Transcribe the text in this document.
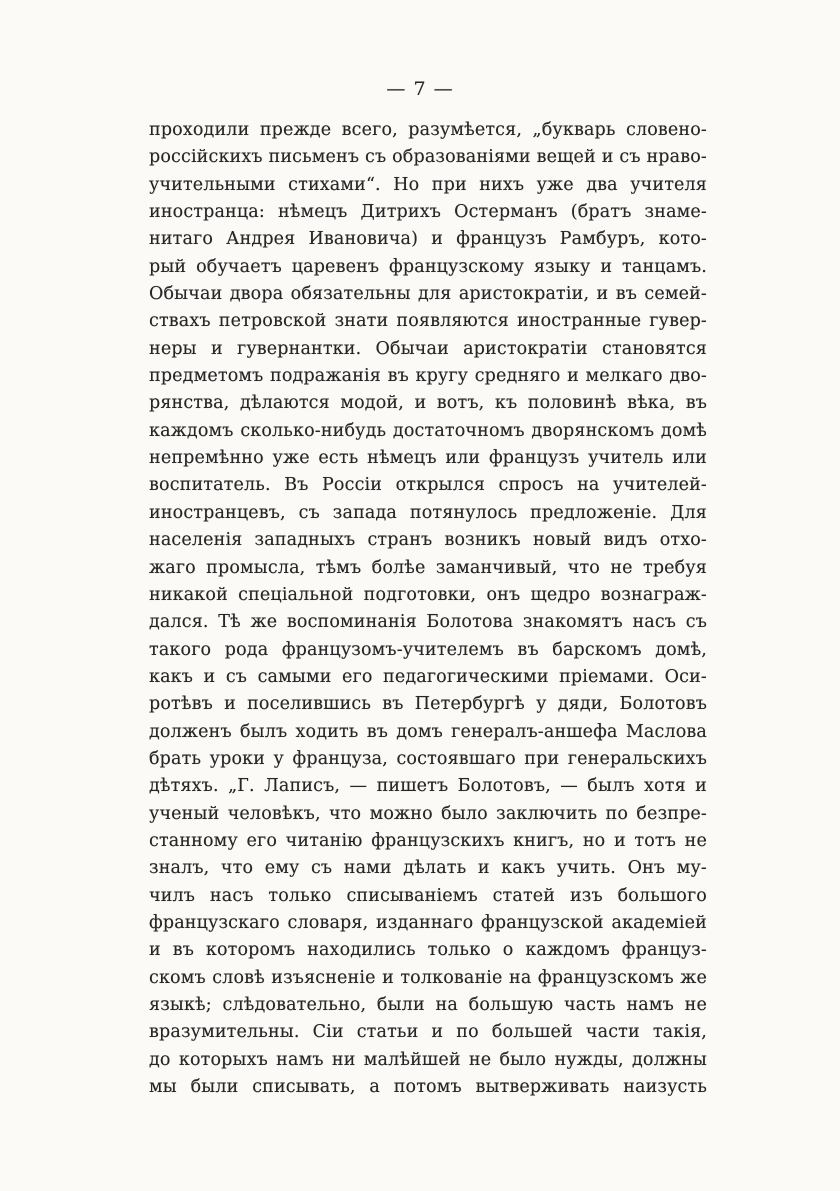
— 7 —
проходили прежде всего, разумѣется, „букварь словено-
россійскихъ письменъ съ образованіями вещей и съ нраво-
учительными стихами“. Но при нихъ уже два учителя
иностранца: нѣмецъ Дитрихъ Остерманъ (братъ знаме-
нитаго Андрея Ивановича) и французъ Рамбуръ, кото-
рый обучаетъ царевенъ французскому языку и танцамъ.
Обычаи двора обязательны для аристократіи, и въ семей-
ствахъ петровской знати появляются иностранные гувер-
неры и гувернантки. Обычаи аристократіи становятся
предметомъ подражанія въ кругу средняго и мелкаго дво-
рянства, дѣлаются модой, и вотъ, къ половинѣ вѣка, въ
каждомъ сколько-нибудь достаточномъ дворянскомъ домѣ
непремѣнно уже есть нѣмецъ или французъ учитель или
воспитатель. Въ Россіи открылся спросъ на учителей-
иностранцевъ, съ запада потянулось предложеніе. Для
населенія западныхъ странъ возникъ новый видъ отхо-
жаго промысла, тѣмъ болѣе заманчивый, что не требуя
никакой спеціальной подготовки, онъ щедро вознаграж-
дался. Тѣ же воспоминанія Болотова знакомятъ насъ съ
такого рода французомъ-учителемъ въ барскомъ домѣ,
какъ и съ самыми его педагогическими пріемами. Оси-
ротѣвъ и поселившись въ Петербургѣ у дяди, Болотовъ
долженъ былъ ходить въ домъ генералъ-аншефа Маслова
брать уроки у француза, состоявшаго при генеральскихъ
дѣтяхъ. „Г. Лаписъ, — пишетъ Болотовъ, — былъ хотя и
ученый человѣкъ, что можно было заключить по безпре-
станному его читанію французскихъ книгъ, но и тотъ не
зналъ, что ему съ нами дѣлать и какъ учить. Онъ му-
чилъ насъ только списываніемъ статей изъ большого
французскаго словаря, изданнаго французской академіей
и въ которомъ находились только о каждомъ француз-
скомъ словѣ изъясненіе и толкованіе на французскомъ же
языкѣ; слѣдовательно, были на большую часть намъ не
вразумительны. Сіи статьи и по большей части такія,
до которыхъ намъ ни малѣйшей не было нужды, должны
мы были списывать, а потомъ вытверживать наизусть
